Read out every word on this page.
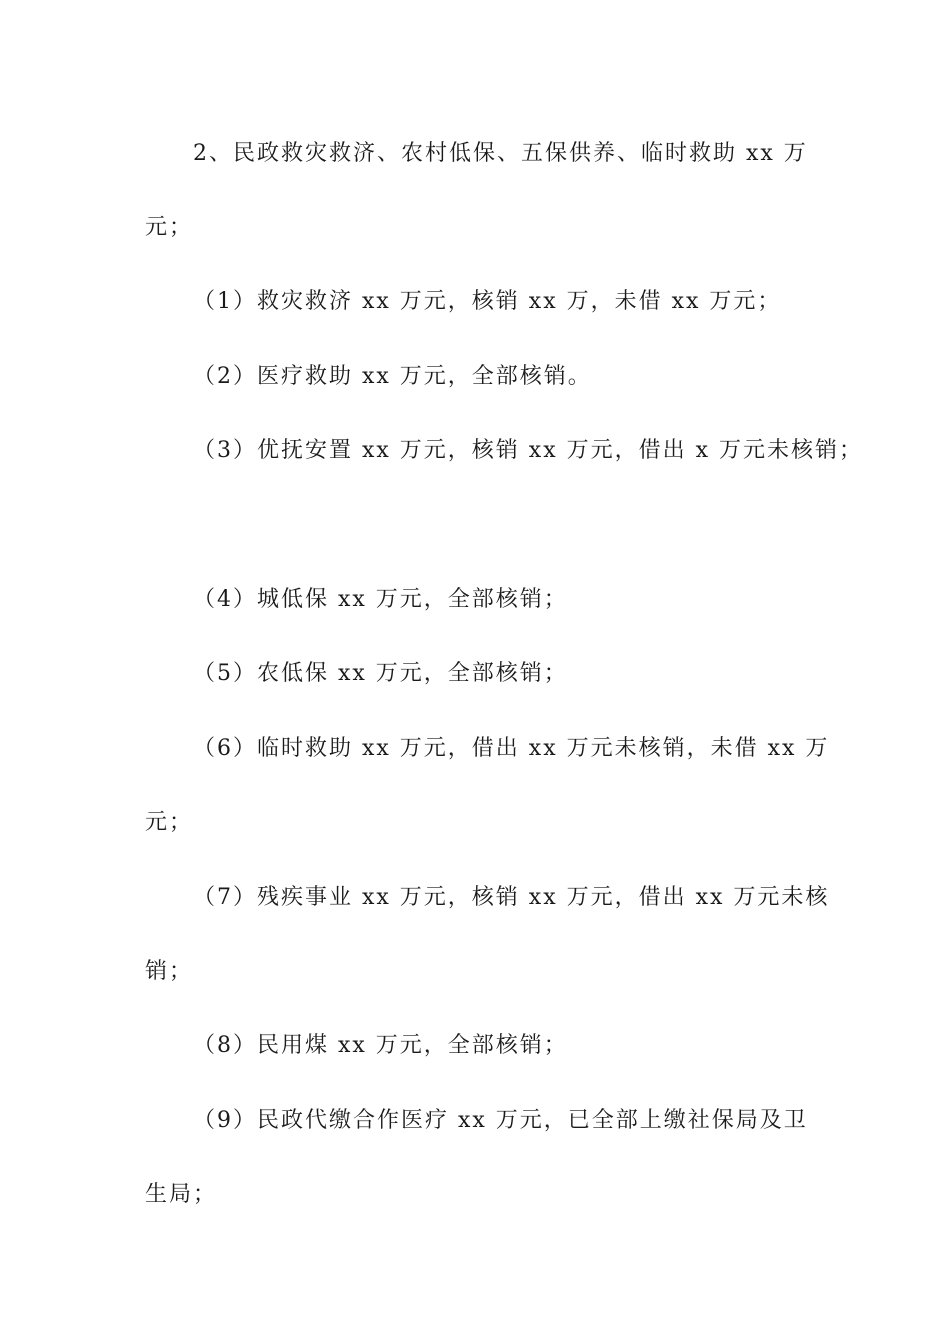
2、民政救灾救济、农村低保、五保供养、临时救助 xx 万
元；
（1）救灾救济 xx 万元，核销 xx 万，未借 xx 万元；
（2）医疗救助 xx 万元，全部核销。
（3）优抚安置 xx 万元，核销 xx 万元，借出 x 万元未核销；
（4）城低保 xx 万元，全部核销；
（5）农低保 xx 万元，全部核销；
（6）临时救助 xx 万元，借出 xx 万元未核销，未借 xx 万
元；
（7）残疾事业 xx 万元，核销 xx 万元，借出 xx 万元未核
销；
（8）民用煤 xx 万元，全部核销；
（9）民政代缴合作医疗 xx 万元，已全部上缴社保局及卫
生局；
